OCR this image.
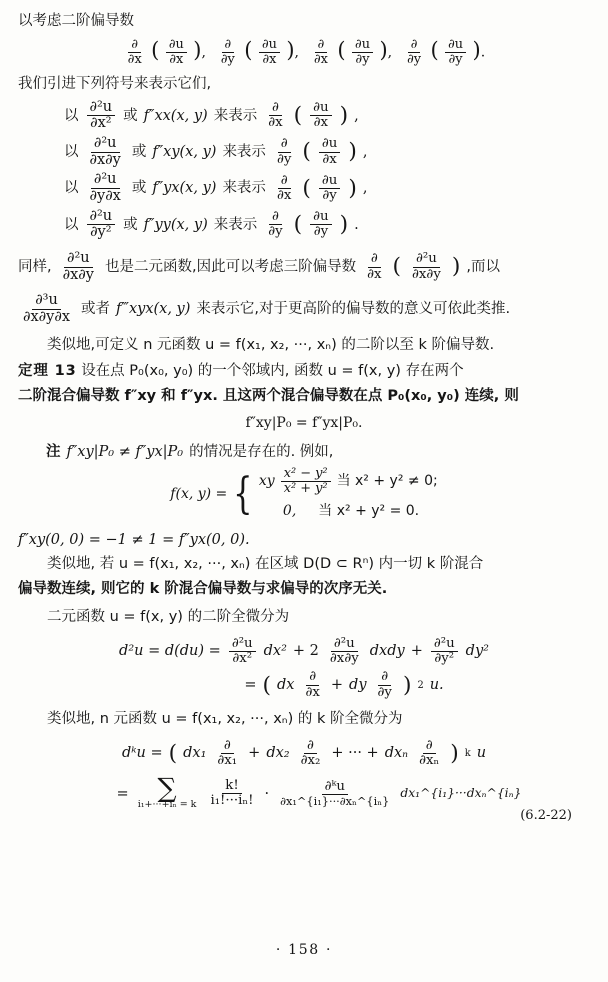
以考虑二阶偏导数
$\frac{\partial}{\partial x}$ ( $\frac{\partial u}{\partial x}$ ), $\frac{\partial}{\partial y}$ ( $\frac{\partial u}{\partial x}$ ), $\frac{\partial}{\partial x}$ ( $\frac{\partial u}{\partial y}$ ), $\frac{\partial}{\partial y}$ ( $\frac{\partial u}{\partial y}$ ).
我们引进下列符号来表示它们,
以 $\frac{\text{∂²u}}{\text{∂x²}}$ 或 f″xx(x, y) 来表示 $\frac{\partial}{\partial x}$ ( $\frac{\partial u}{\partial x}$ ) ,
以 $\frac{\text{∂²u}}{\partial x\partial y}$ 或 f″xy(x, y) 来表示 $\frac{\partial}{\partial y}$ ( $\frac{\partial u}{\partial x}$ ) ,
以 $\frac{\text{∂²u}}{\partial y\partial x}$ 或 f″yx(x, y) 来表示 $\frac{\partial}{\partial x}$ ( $\frac{\partial u}{\partial y}$ ) ,
以 $\frac{\text{∂²u}}{\text{∂y²}}$ 或 f″yy(x, y) 来表示 $\frac{\partial}{\partial y}$ ( $\frac{\partial u}{\partial y}$ ) .
同样, $\frac{\text{∂²u}}{\partial x\partial y}$ 也是二元函数,因此可以考虑三阶偏导数 $\frac{\partial}{\partial x}$ ( $\frac{\text{∂²u}}{\partial x\partial y}$ ) ,而以
$\frac{\text{∂³u}}{\partial x\partial y\partial x}$ 或者 f‴xyx(x, y) 来表示它,对于更高阶的偏导数的意义可依此类推.
类似地,可定义 n 元函数 u = f(x₁, x₂, ···, xₙ) 的二阶以至 k 阶偏导数.
定理 13 设在点 P₀(x₀, y₀) 的一个邻域内, 函数 u = f(x, y) 存在两个
二阶混合偏导数 f″xy 和 f″yx. 且这两个混合偏导数在点 P₀(x₀, y₀) 连续, 则
f″xy|P₀ = f″yx|P₀.
注 f″xy|P₀ ≠ f″yx|P₀ 的情况是存在的. 例如,
f(x, y) = { xy $\frac{\text{x² − y²}}{\text{x² + y²}}$ 当 x² + y² ≠ 0;
0,	当 x² + y² = 0.
f″xy(0, 0) = −1 ≠ 1 = f″yx(0, 0).
类似地, 若 u = f(x₁, x₂, ···, xₙ) 在区域 D(D ⊂ Rⁿ) 内一切 k 阶混合
偏导数连续, 则它的 k 阶混合偏导数与求偏导的次序无关.
二元函数 u = f(x, y) 的二阶全微分为
$d^2u = d(du) = \frac{\text{∂²u}}{\text{∂x²}} dx^2 + 2 \frac{\text{∂²u}}{\partial x\partial y}$ dxdy + $\frac{\text{∂²u}}{\text{∂y²}} dy^2$
= ( dx $\frac{\partial}{\partial x}$ + dy $\frac{\partial}{\partial y}$ ) 2 u.
类似地, n 元函数 u = f(x₁, x₂, ···, xₙ) 的 k 阶全微分为
dᵏu = ( $dx_1 \frac{\partial}{\text{∂x₁}} + dx_2 \frac{\partial}{\text{∂x₂}}$ + ··· + dxₙ $\frac{\partial}{\text{∂xₙ}}$ ) k u
= ∑
i₁+···+iₙ = k $\frac{k!}{\text{i₁!···iₙ!}} \cdot \frac{\text{∂ᵏu}}{\text{∂x₁\textasciicircum{}\{i₁\}···∂xₙ\textasciicircum{}\{iₙ\}}}$ dx₁^{i₁}···dxₙ^{iₙ}
(6.2-22)
· 158 ·
